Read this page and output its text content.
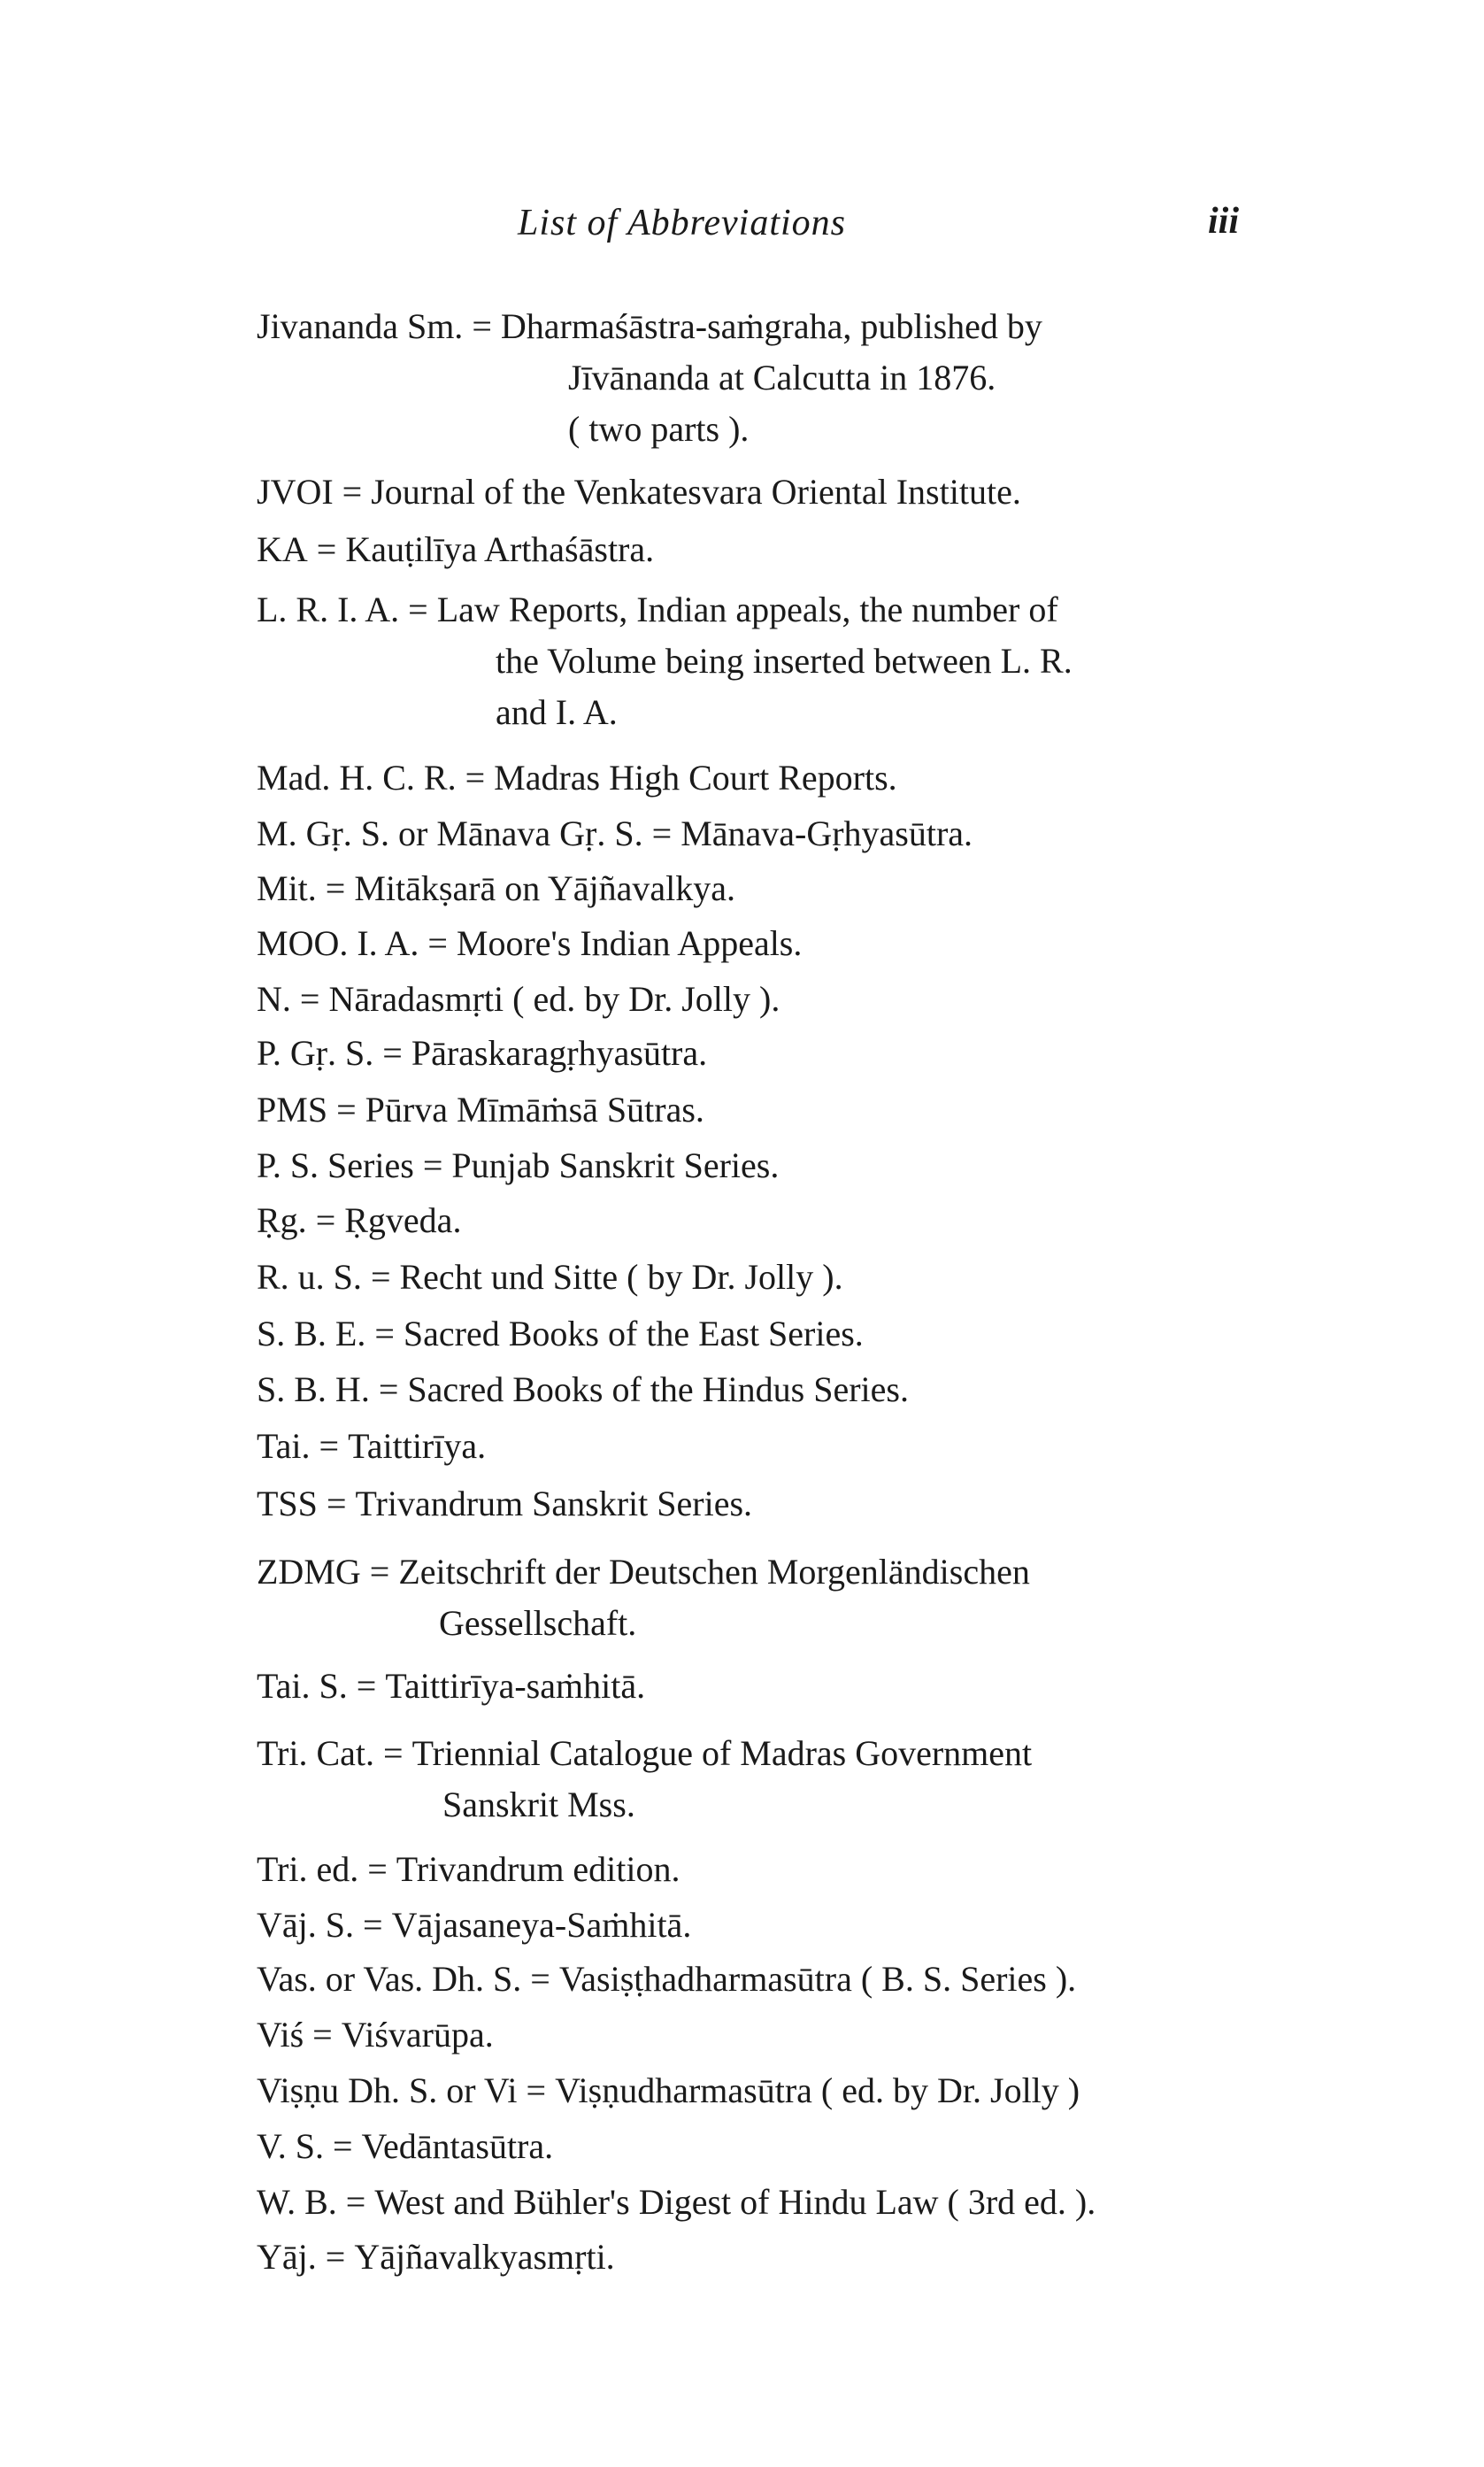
List of Abbreviations	iii
Jivananda Sm. = Dharmaśāstra-saṁgraha, published by
Jīvānanda at Calcutta in 1876.
( two parts ).
JVOI = Journal of the Venkatesvara Oriental Institute.
KA = Kauṭilīya Arthaśāstra.
L. R. I. A. = Law Reports, Indian appeals, the number of
the Volume being inserted between L. R.
and I. A.
Mad. H. C. R. = Madras High Court Reports.
M. Gṛ. S. or Mānava Gṛ. S. = Mānava-Gṛhyasūtra.
Mit. = Mitākṣarā on Yājñavalkya.
MOO. I. A. = Moore's Indian Appeals.
N. = Nāradasmṛti ( ed. by Dr. Jolly ).
P. Gṛ. S. = Pāraskaragṛhyasūtra.
PMS = Pūrva Mīmāṁsā Sūtras.
P. S. Series = Punjab Sanskrit Series.
Ṛg. = Ṛgveda.
R. u. S. = Recht und Sitte ( by Dr. Jolly ).
S. B. E. = Sacred Books of the East Series.
S. B. H. = Sacred Books of the Hindus Series.
Tai. = Taittirīya.
TSS = Trivandrum Sanskrit Series.
ZDMG = Zeitschrift der Deutschen Morgenländischen
Gessellschaft.
Tai. S. = Taittirīya-saṁhitā.
Tri. Cat. = Triennial Catalogue of Madras Government
Sanskrit Mss.
Tri. ed. = Trivandrum edition.
Vāj. S. = Vājasaneya-Saṁhitā.
Vas. or Vas. Dh. S. = Vasiṣṭhadharmasūtra ( B. S. Series ).
Viś = Viśvarūpa.
Viṣṇu Dh. S. or Vi = Viṣṇudharmasūtra ( ed. by Dr. Jolly )
V. S. = Vedāntasūtra.
W. B. = West and Bühler's Digest of Hindu Law ( 3rd ed. ).
Yāj. = Yājñavalkyasmṛti.
